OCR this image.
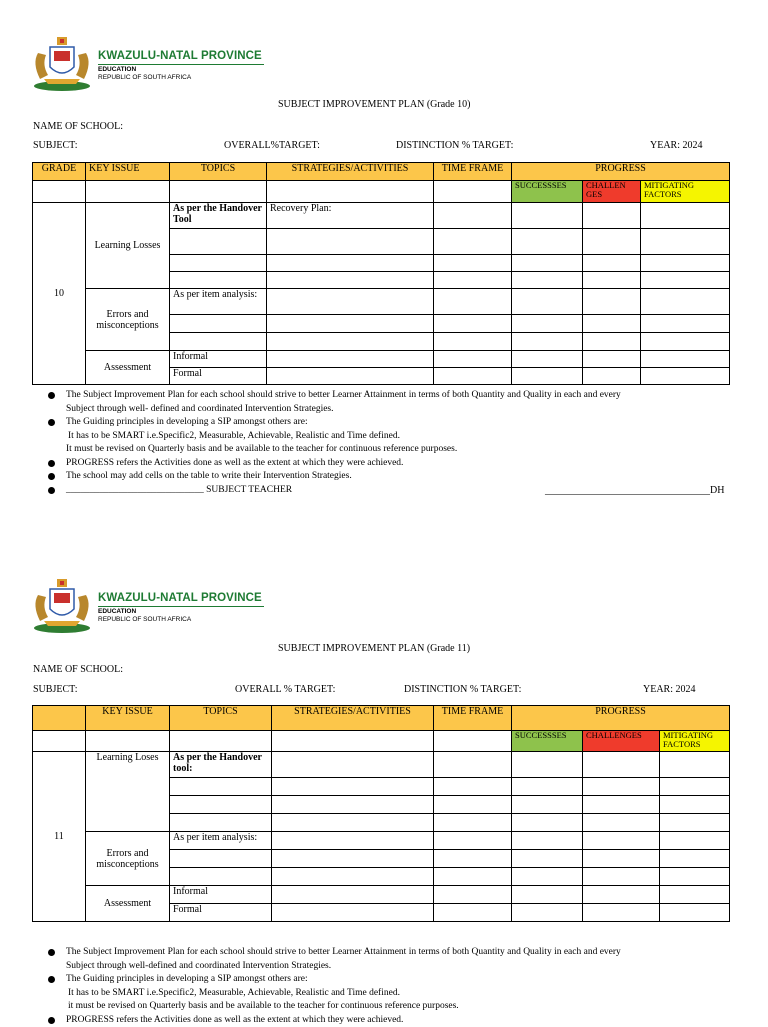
KWAZULU-NATAL PROVINCE
EDUCATION
REPUBLIC OF SOUTH AFRICA
SUBJECT IMPROVEMENT PLAN (Grade 10)
NAME OF SCHOOL:
SUBJECT:	OVERALL%TARGET:	DISTINCTION % TARGET:	YEAR: 2024
GRADE	KEY ISSUE	TOPICS	STRATEGIES/ACTIVITIES	TIME FRAME	PROGRESS		
					SUCCESSSES	CHALLEN GES	MITIGATING FACTORS
10	Learning Losses	As per the Handover Tool	Recovery Plan:				

	Errors and misconceptions	As per item analysis:					

	Assessment	Informal					
		Formal					
The Subject Improvement Plan for each school should strive to better Learner Attainment in terms of both Quantity and Quality in each and every
Subject through well- defined and coordinated Intervention Strategies.
The Guiding principles in developing a SIP amongst others are:
It has to be SMART i.e.Specific2, Measurable, Achievable, Realistic and Time defined.
It must be revised on Quarterly basis and be available to the teacher for continuous reference purposes.
PROGRESS refers the Activities done as well as the extent at which they were achieved.
The school may add cells on the table to write their Intervention Strategies.
_____________________________ SUBJECT TEACHER	_________________________________DH
KWAZULU-NATAL PROVINCE
EDUCATION
REPUBLIC OF SOUTH AFRICA
SUBJECT IMPROVEMENT PLAN (Grade 11)
NAME OF SCHOOL:
SUBJECT:	OVERALL % TARGET:	DISTINCTION % TARGET:	YEAR: 2024
	KEY ISSUE	TOPICS	STRATEGIES/ACTIVITIES	TIME FRAME	PROGRESS		
					SUCCESSSES	CHALLENGES	MITIGATING FACTORS
11	Learning Loses	As per the Handover tool:					

	Errors and misconceptions	As per item analysis:					

	Assessment	Informal					
		Formal					
The Subject Improvement Plan for each school should strive to better Learner Attainment in terms of both Quantity and Quality in each and every
Subject through well-defined and coordinated Intervention Strategies.
The Guiding principles in developing a SIP amongst others are:
It has to be SMART i.e.Specific2, Measurable, Achievable, Realistic and Time defined.
it must be revised on Quarterly basis and be available to the teacher for continuous reference purposes.
PROGRESS refers the Activities done as well as the extent at which they were achieved.
